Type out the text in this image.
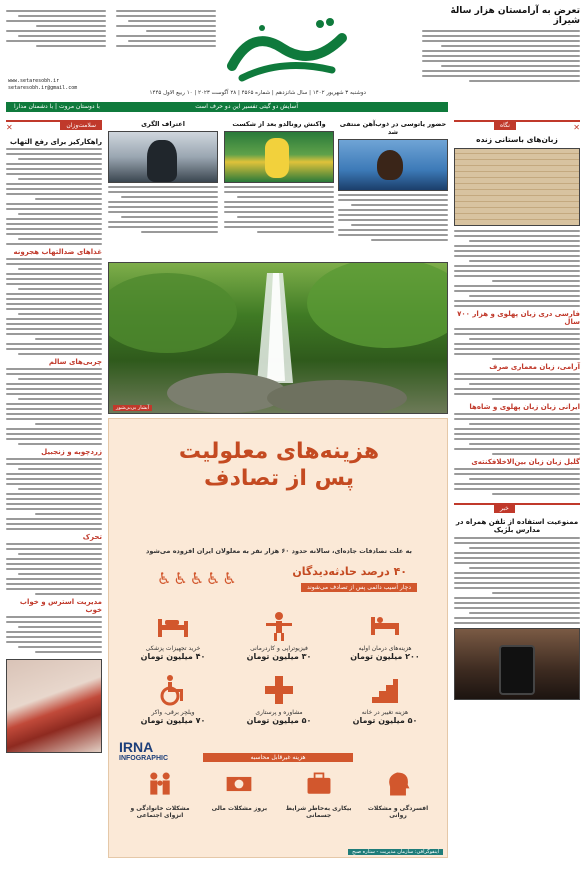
تعرض به آرامستان هزار سالهٔ شیراز
www.setaresobh.ir
setaresobh.ir@gmail.com
دوشنبه ۳ شهریور ۱۴۰۲ | سال شانزدهم | شماره ۴۵۶۵ | ۲۸ آگوست ۲۰۲۳ | ۱۰ ربیع الاول ۱۴۴۵
آسایش دو گیتی تفسیر این دو حرف است
با دوستان مروت | با دشمنان مدارا
سلامت‌وزان
✕
راهکارکیز برای رفع التهاب
غذاهای ضدالتهاب هجرونه
چربی‌های سالم
زردچوبه و زنجبیل
تحرک
مدیریت استرس و خواب خوب
حضور یاتوسی در ذوب‌آهن منتفی شد
واکنش رونالدو بعد از شکست
اعتراف الگری
آبشار بی‌بی‌شور
هزینه‌های معلولیت
پس از تصادف
به علت تصادفات جاده‌ای، سالانه حدود ۶۰ هزار نفر به معلولان ایران افزوده می‌شود
۴۰ درصد حادثه‌دیدگان
دچار آسیب دائمی پس از تصادف می‌شوند
♿♿♿♿♿
هزینه‌های درمان اولیه
۲۰۰ میلیون تومان
فیزیوتراپی و کاردرمانی
۳۰ میلیون تومان
خرید تجهیزات پزشکی
۴۰ میلیون تومان
هزینه تغییر در خانه
۵۰ میلیون تومان
مشاوره و پرستاری
۵۰ میلیون تومان
ویلچر برقی، واکر
۷۰ میلیون تومان
IRNA
INFOGRAPHIC	هزینه غیرقابل محاسبه
افسردگی و مشکلات روانی
بیکاری به‌خاطر شرایط جسمانی
بروز مشکلات مالی
مشکلات خانوادگی و انزوای اجتماعی
اینفوگرافی: سازمان مدیریت - ستاره صبح
نگاه	✕
زبان‌های باستانی زنده
فارسی دری زبان پهلوی و هزار ۷۰۰ سال
آرامی، زبان معماری صرف
ایرانی زبان زبان پهلوی و شاه‌ها
گلبل زبان زبان بین‌الاخلافکنته‌ی
خبر
ممنوعیت استفاده از تلفن همراه در مدارس بلژیک
